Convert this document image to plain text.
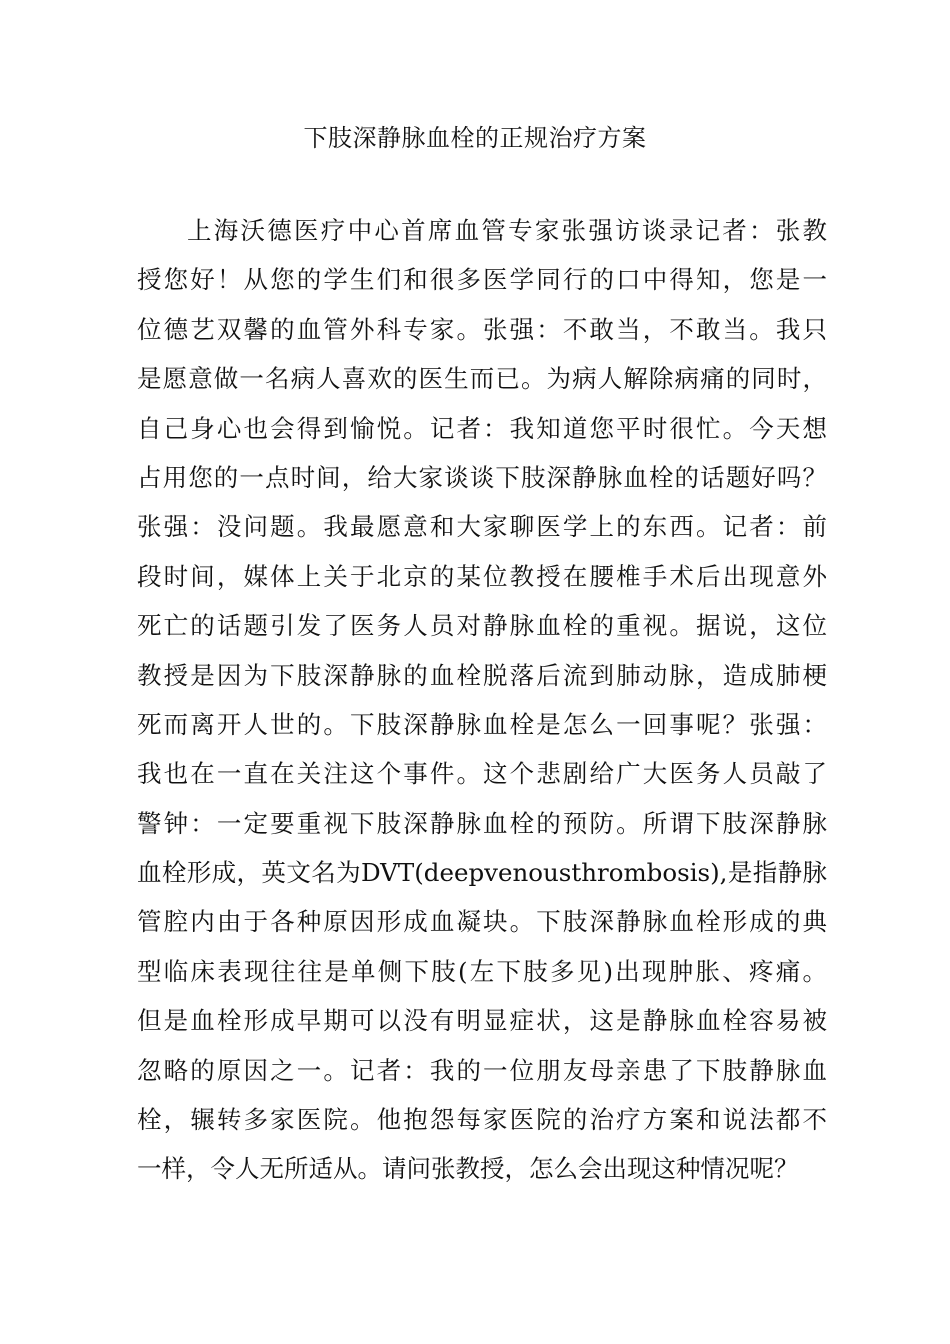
下肢深静脉血栓的正规治疗方案
上海沃德医疗中心首席血管专家张强访谈录记者：张教
授您好！从您的学生们和很多医学同行的口中得知，您是一
位德艺双馨的血管外科专家。张强：不敢当，不敢当。我只
是愿意做一名病人喜欢的医生而已。为病人解除病痛的同时，
自己身心也会得到愉悦。记者：我知道您平时很忙。今天想
占用您的一点时间，给大家谈谈下肢深静脉血栓的话题好吗？
张强：没问题。我最愿意和大家聊医学上的东西。记者：前
段时间，媒体上关于北京的某位教授在腰椎手术后出现意外
死亡的话题引发了医务人员对静脉血栓的重视。据说，这位
教授是因为下肢深静脉的血栓脱落后流到肺动脉，造成肺梗
死而离开人世的。下肢深静脉血栓是怎么一回事呢？张强：
我也在一直在关注这个事件。这个悲剧给广大医务人员敲了
警钟：一定要重视下肢深静脉血栓的预防。所谓下肢深静脉
血栓形成，英文名为DVT(deepvenousthrombosis),是指静脉
管腔内由于各种原因形成血凝块。下肢深静脉血栓形成的典
型临床表现往往是单侧下肢(左下肢多见)出现肿胀、疼痛。
但是血栓形成早期可以没有明显症状，这是静脉血栓容易被
忽略的原因之一。记者：我的一位朋友母亲患了下肢静脉血
栓，辗转多家医院。他抱怨每家医院的治疗方案和说法都不
一样，令人无所适从。请问张教授，怎么会出现这种情况呢？
